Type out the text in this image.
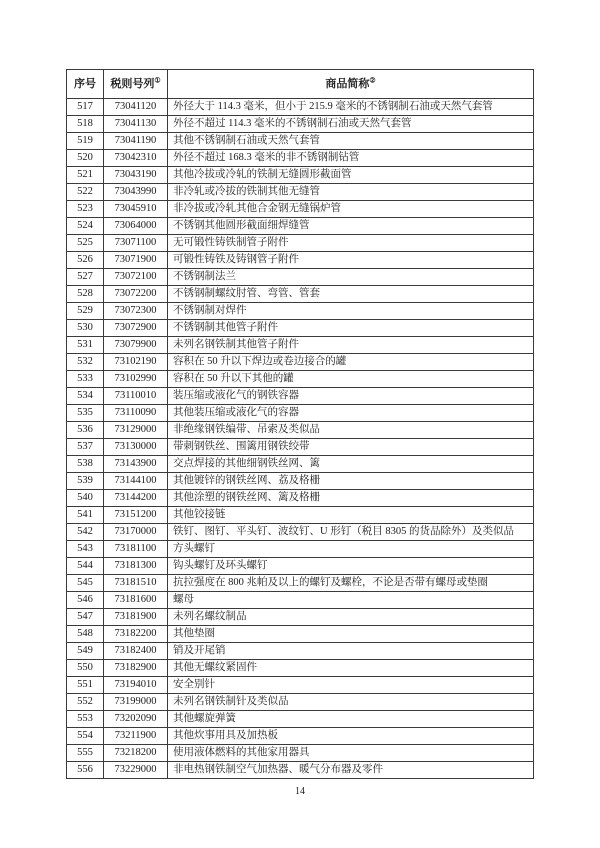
序号	税则号列①	商品简称②
517	73041120	外径大于 114.3 毫米，但小于 215.9 毫米的不锈钢制石油或天然气套管
518	73041130	外径不超过 114.3 毫米的不锈钢制石油或天然气套管
519	73041190	其他不锈钢制石油或天然气套管
520	73042310	外径不超过 168.3 毫米的非不锈钢制钻管
521	73043190	其他冷拔或冷轧的铁制无缝圆形截面管
522	73043990	非冷轧或冷拔的铁制其他无缝管
523	73045910	非冷拔或冷轧其他合金钢无缝锅炉管
524	73064000	不锈钢其他圆形截面细焊缝管
525	73071100	无可锻性铸铁制管子附件
526	73071900	可锻性铸铁及铸钢管子附件
527	73072100	不锈钢制法兰
528	73072200	不锈钢制螺纹肘管、弯管、管套
529	73072300	不锈钢制对焊件
530	73072900	不锈钢制其他管子附件
531	73079900	未列名钢铁制其他管子附件
532	73102190	容积在 50 升以下焊边或卷边接合的罐
533	73102990	容积在 50 升以下其他的罐
534	73110010	装压缩或液化气的钢铁容器
535	73110090	其他装压缩或液化气的容器
536	73129000	非绝缘钢铁编带、吊索及类似品
537	73130000	带刺钢铁丝、围篱用钢铁绞带
538	73143900	交点焊接的其他细钢铁丝网、篱
539	73144100	其他镀锌的钢铁丝网、荔及格栅
540	73144200	其他涂塑的钢铁丝网、篱及格栅
541	73151200	其他铰接链
542	73170000	铁钉、图钉、平头钉、波纹钉、U 形钉（税目 8305 的货品除外）及类似品
543	73181100	方头螺钉
544	73181300	钩头螺钉及环头螺钉
545	73181510	抗拉强度在 800 兆帕及以上的螺钉及螺栓，不论是否带有螺母或垫圈
546	73181600	螺母
547	73181900	未列名螺纹制品
548	73182200	其他垫圈
549	73182400	销及开尾销
550	73182900	其他无螺纹紧固件
551	73194010	安全别针
552	73199000	未列名钢铁制针及类似品
553	73202090	其他螺旋弹簧
554	73211900	其他炊事用具及加热板
555	73218200	使用液体燃料的其他家用器具
556	73229000	非电热钢铁制空气加热器、暖气分布器及零件
14
